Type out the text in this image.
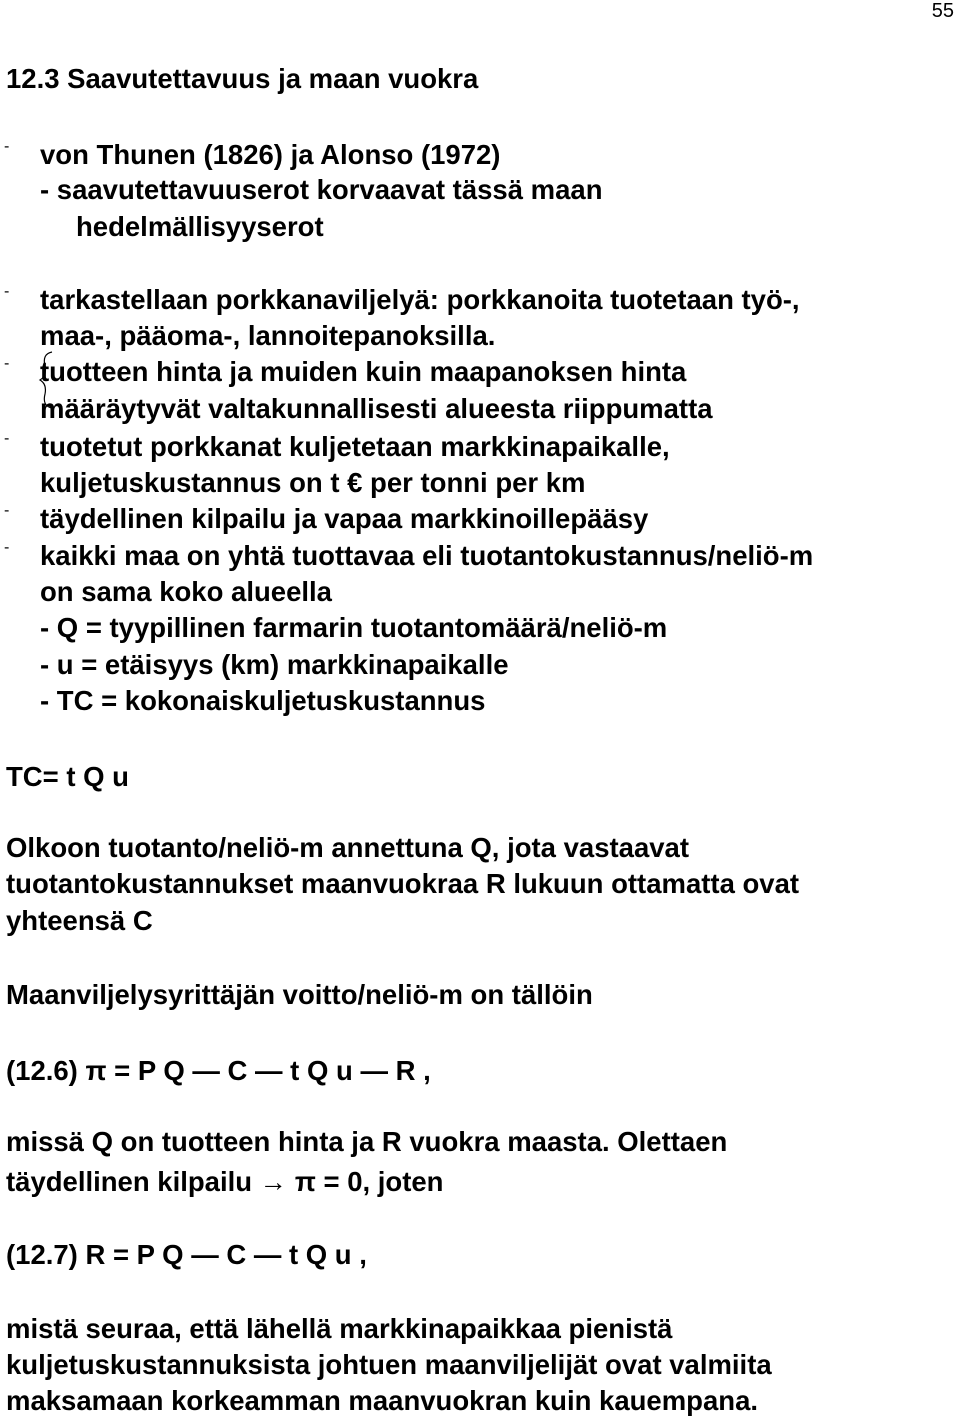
55
12.3 Saavutettavuus ja maan vuokra
- von Thunen (1826) ja Alonso (1972)
- saavutettavuuserot korvaavat tässä maan
hedelmällisyyserot
- tarkastellaan porkkanaviljelyä: porkkanoita tuotetaan työ-,
maa-, pääoma-, lannoitepanoksilla.
- tuotteen hinta ja muiden kuin maapanoksen hinta
määräytyvät valtakunnallisesti alueesta riippumatta
- tuotetut porkkanat kuljetetaan markkinapaikalle,
kuljetuskustannus on t € per tonni per km
- täydellinen kilpailu ja vapaa markkinoillepääsy
- kaikki maa on yhtä tuottavaa eli tuotantokustannus/neliö-m
on sama koko alueella
- Q = tyypillinen farmarin tuotantomäärä/neliö-m
- u = etäisyys (km) markkinapaikalle
- TC = kokonaiskuljetuskustannus
TC= t Q u
Olkoon tuotanto/neliö-m annettuna Q, jota vastaavat
tuotantokustannukset maanvuokraa R lukuun ottamatta ovat
yhteensä C
Maanviljelysyrittäjän voitto/neliö-m on tällöin
(12.6) π = P Q — C — t Q u — R ,
missä Q on tuotteen hinta ja R vuokra maasta. Olettaen
täydellinen kilpailu → π = 0, joten
(12.7) R = P Q — C — t Q u ,
mistä seuraa, että lähellä markkinapaikkaa pienistä
kuljetuskustannuksista johtuen maanviljelijät ovat valmiita
maksamaan korkeamman maanvuokran kuin kauempana.
